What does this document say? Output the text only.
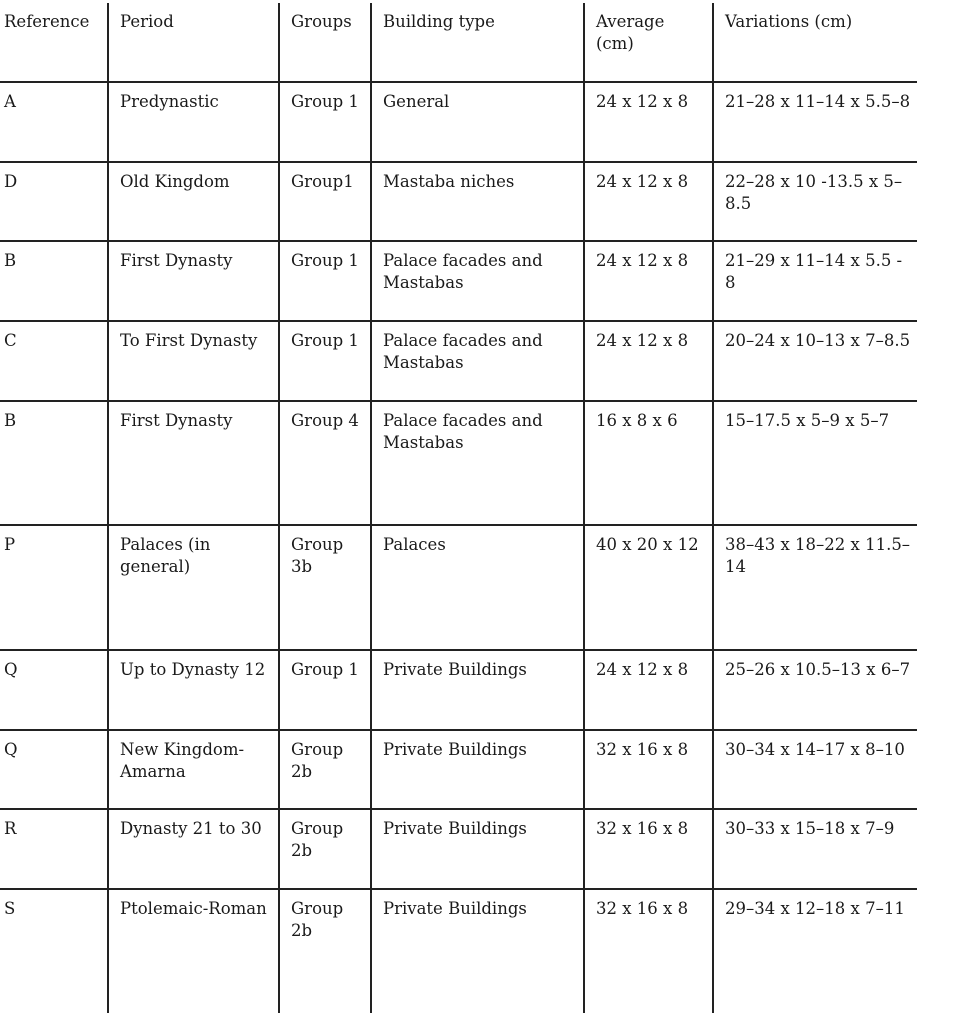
Reference	Period	Groups	Building type	Average (cm)	Variations (cm)
A	Predynastic	Group 1	General	24 x 12 x 8	21–28 x 11–14 x 5.5–8
D	Old Kingdom	Group1	Mastaba niches	24 x 12 x 8	22–28 x 10 -13.5 x 5–8.5
B	First Dynasty	Group 1	Palace facades and Mastabas	24 x 12 x 8	21–29 x 11–14 x 5.5 - 8
C	To First Dynasty	Group 1	Palace facades and Mastabas	24 x 12 x 8	20–24 x 10–13 x 7–8.5
B	First Dynasty	Group 4	Palace facades and Mastabas	16 x 8 x 6	15–17.5 x 5–9 x 5–7
P	Palaces (in general)	Group 3b	Palaces	40 x 20 x 12	38–43 x 18–22 x 11.5–14
Q	Up to Dynasty 12	Group 1	Private Buildings	24 x 12 x 8	25–26 x 10.5–13 x 6–7
Q	New Kingdom-Amarna	Group 2b	Private Buildings	32 x 16 x 8	30–34 x 14–17 x 8–10
R	Dynasty 21 to 30	Group 2b	Private Buildings	32 x 16 x 8	30–33 x 15–18 x 7–9
S	Ptolemaic-Roman	Group 2b	Private Buildings	32 x 16 x 8	29–34 x 12–18 x 7–11
